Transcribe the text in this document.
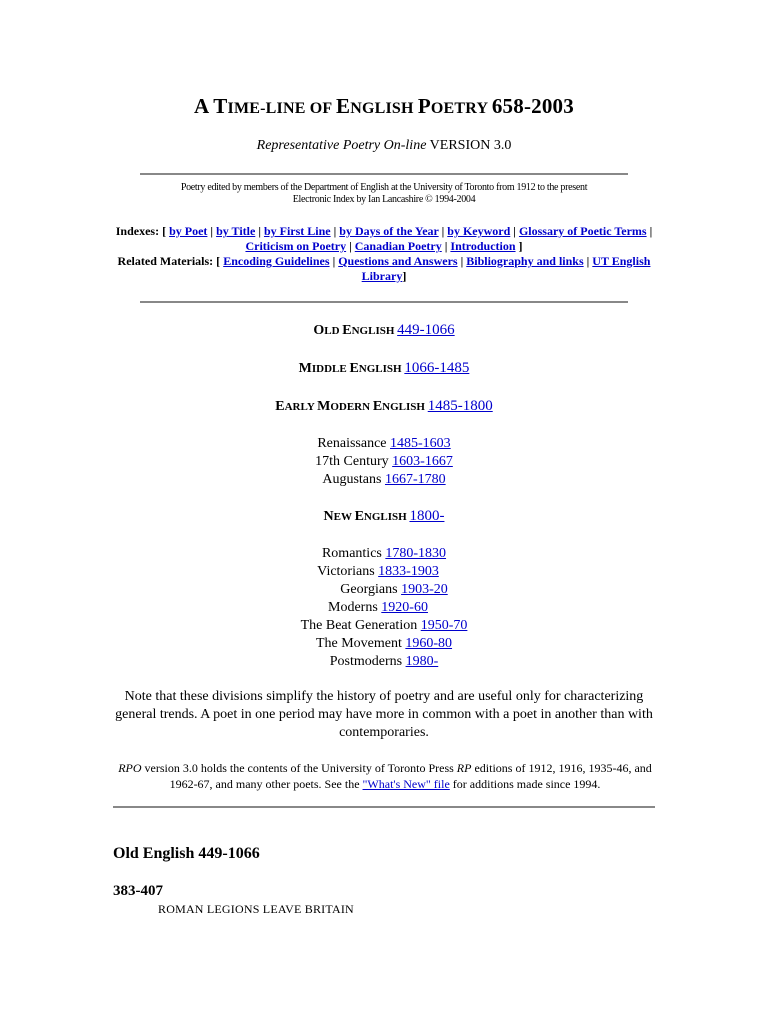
A TIME-LINE OF ENGLISH POETRY 658-2003
Representative Poetry On-line VERSION 3.0
Poetry edited by members of the Department of English at the University of Toronto from 1912 to the present
Electronic Index by Ian Lancashire © 1994-2004
Indexes: [ by Poet | by Title | by First Line | by Days of the Year | by Keyword | Glossary of Poetic Terms | Criticism on Poetry | Canadian Poetry | Introduction ]
Related Materials: [ Encoding Guidelines | Questions and Answers | Bibliography and links | UT English Library]
OLD ENGLISH 449-1066
MIDDLE ENGLISH 1066-1485
EARLY MODERN ENGLISH 1485-1800
Renaissance 1485-1603
17th Century 1603-1667
Augustans 1667-1780
NEW ENGLISH 1800-
Romantics 1780-1830
Victorians 1833-1903
Georgians 1903-20
Moderns 1920-60
The Beat Generation 1950-70
The Movement 1960-80
Postmoderns 1980-
Note that these divisions simplify the history of poetry and are useful only for characterizing general trends. A poet in one period may have more in common with a poet in another than with contemporaries.
RPO version 3.0 holds the contents of the University of Toronto Press RP editions of 1912, 1916, 1935-46, and 1962-67, and many other poets. See the "What's New" file for additions made since 1994.
Old English 449-1066
383-407
ROMAN LEGIONS LEAVE BRITAIN
